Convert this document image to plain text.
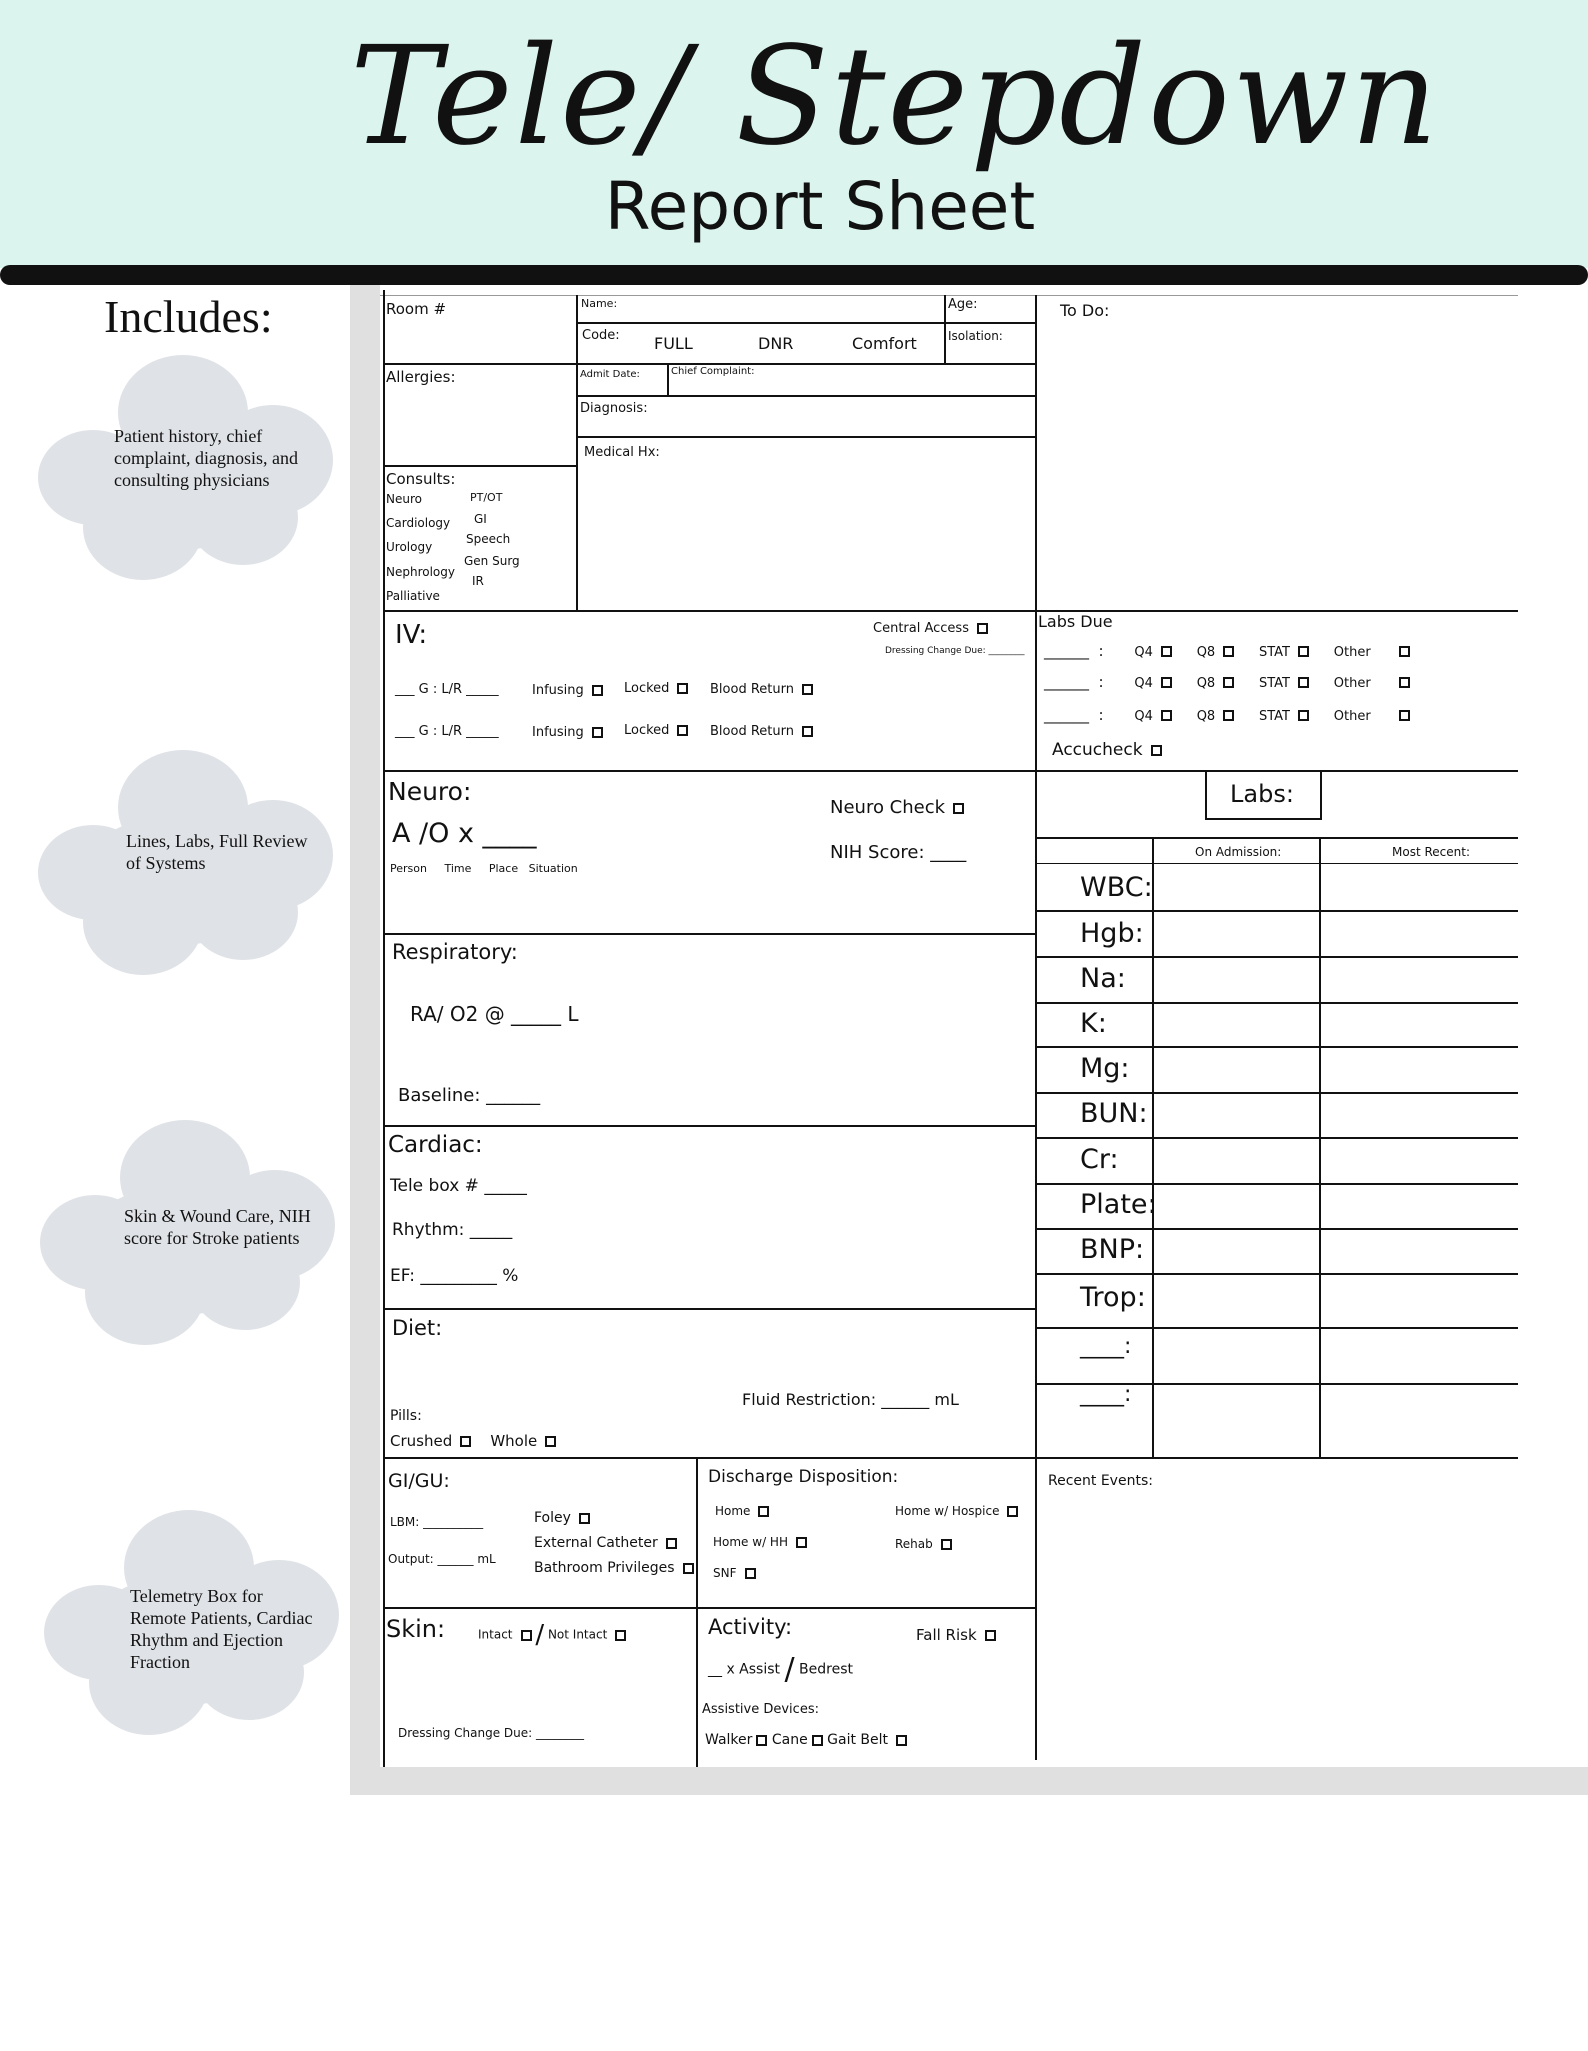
Tele/ Stepdown
Report Sheet
Includes:
Patient history, chief complaint, diagnosis, and consulting physicians
Lines, Labs, Full Review of Systems
Skin & Wound Care, NIH score for Stroke patients
Telemetry Box for Remote Patients, Cardiac Rhythm and Ejection Fraction
Room #	Name:	Age:	To Do:
Code: FULL	DNR	Comfort	Isolation:
Allergies:	Admit Date:	Chief Complaint:
Diagnosis:
Medical Hx:
Consults:
Neuro
Cardiology
Urology
Nephrology
Palliative
PT/OT
GI
Speech
Gen Surg
IR
IV:	Central Access
Dressing Change Due: ________
___ G : L/R _____	Infusing	Locked	Blood Return
___ G : L/R _____	Infusing	Locked	Blood Return
Labs Due
______ : Q4	Q8	STAT	Other
______ : Q4	Q8	STAT	Other
______ : Q4	Q8	STAT	Other
Accucheck
Neuro:
A /O x ____
Person Time Place Situation
Neuro Check
NIH Score: ____
Labs:
On Admission:	Most Recent:
WBC:
Hgb:
Na:
K:
Mg:
BUN:
Cr:
Plate:
BNP:
Trop:
____:
____:
Respiratory:
RA/ O2 @ _____ L
Baseline: ______
Cardiac:
Tele box # _____
Rhythm: _____
EF: _________ %
Diet:
Fluid Restriction: ______ mL
Pills:
Crushed	Whole
GI/GU:
LBM: __________
Output: ______ mL
Foley
External Catheter
Bathroom Privileges
Discharge Disposition:
Home
Home w/ HH
SNF
Home w/ Hospice
Rehab
Recent Events:
Skin:	Intact / Not Intact
Dressing Change Due: ________
Activity:	Fall Risk
__ x Assist / Bedrest
Assistive Devices:
Walker Cane Gait Belt
